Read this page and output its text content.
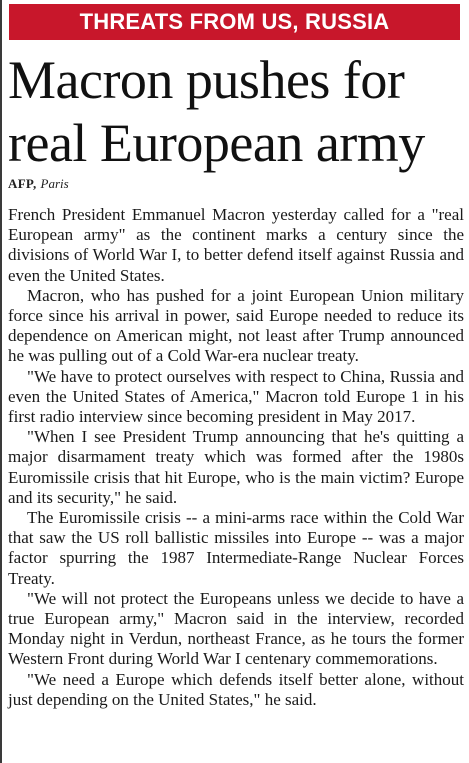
THREATS FROM US, RUSSIA
Macron pushes for
real European army
AFP, Paris

French President Emmanuel Macron yesterday called for a "real European army" as the continent marks a century since the divisions of World War I, to better defend itself against Russia and even the United States.

Macron, who has pushed for a joint European Union military force since his arrival in power, said Europe needed to reduce its dependence on American might, not least after Trump announced he was pulling out of a Cold War-era nuclear treaty.

"We have to protect ourselves with respect to China, Russia and even the United States of America," Macron told Europe 1 in his first radio interview since becoming president in May 2017.

"When I see President Trump announcing that he's quitting a major disarmament treaty which was formed after the 1980s Euromissile crisis that hit Europe, who is the main victim? Europe and its security," he said.

The Euromissile crisis -- a mini-arms race within the Cold War that saw the US roll ballistic missiles into Europe -- was a major factor spurring the 1987 Intermediate-Range Nuclear Forces Treaty.

"We will not protect the Europeans unless we decide to have a true European army," Macron said in the interview, recorded Monday night in Verdun, northeast France, as he tours the former Western Front during World War I centenary commemorations.

"We need a Europe which defends itself better alone, without just depending on the United States," he said.
